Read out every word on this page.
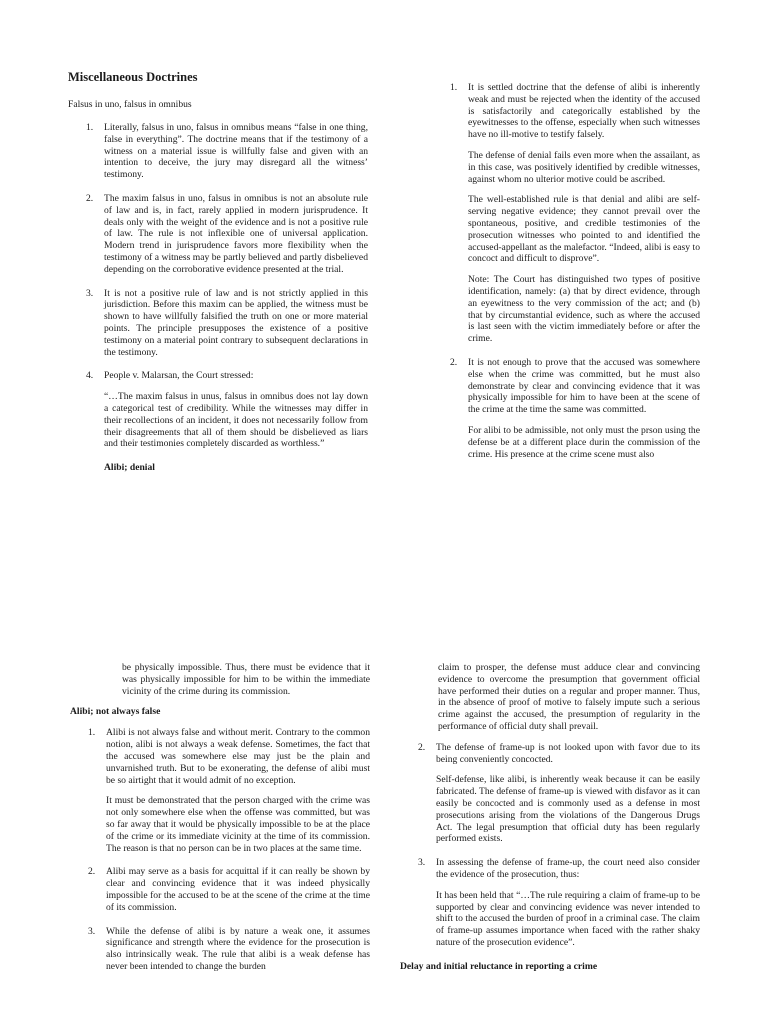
Miscellaneous Doctrines
Falsus in uno, falsus in omnibus
1. Literally, falsus in uno, falsus in omnibus means “false in one thing, false in everything”. The doctrine means that if the testimony of a witness on a material issue is willfully false and given with an intention to deceive, the jury may disregard all the witness’ testimony.

2. The maxim falsus in uno, falsus in omnibus is not an absolute rule of law and is, in fact, rarely applied in modern jurisprudence. It deals only with the weight of the evidence and is not a positive rule of law. The rule is not inflexible one of universal application. Modern trend in jurisprudence favors more flexibility when the testimony of a witness may be partly believed and partly disbelieved depending on the corroborative evidence presented at the trial.

3. It is not a positive rule of law and is not strictly applied in this jurisdiction. Before this maxim can be applied, the witness must be shown to have willfully falsified the truth on one or more material points. The principle presupposes the existence of a positive testimony on a material point contrary to subsequent declarations in the testimony.

4. People v. Malarsan, the Court stressed:

“…The maxim falsus in unus, falsus in omnibus does not lay down a categorical test of credibility. While the witnesses may differ in their recollections of an incident, it does not necessarily follow from their disagreements that all of them should be disbelieved as liars and their testimonies completely discarded as worthless.”

Alibi; denial
1. It is settled doctrine that the defense of alibi is inherently weak and must be rejected when the identity of the accused is satisfactorily and categorically established by the eyewitnesses to the offense, especially when such witnesses have no ill-motive to testify falsely.

The defense of denial fails even more when the assailant, as in this case, was positively identified by credible witnesses, against whom no ulterior motive could be ascribed.

The well-established rule is that denial and alibi are self-serving negative evidence; they cannot prevail over the spontaneous, positive, and credible testimonies of the prosecution witnesses who pointed to and identified the accused-appellant as the malefactor. “Indeed, alibi is easy to concoct and difficult to disprove”.

Note: The Court has distinguished two types of positive identification, namely: (a) that by direct evidence, through an eyewitness to the very commission of the act; and (b) that by circumstantial evidence, such as where the accused is last seen with the victim immediately before or after the crime.

2. It is not enough to prove that the accused was somewhere else when the crime was committed, but he must also demonstrate by clear and convincing evidence that it was physically impossible for him to have been at the scene of the crime at the time the same was committed.

For alibi to be admissible, not only must the prson using the defense be at a different place durin the commission of the crime. His presence at the crime scene must also

be physically impossible. Thus, there must be evidence that it was physically impossible for him to be within the immediate vicinity of the crime during its commission.

Alibi; not always false
1. Alibi is not always false and without merit. Contrary to the common notion, alibi is not always a weak defense. Sometimes, the fact that the accused was somewhere else may just be the plain and unvarnished truth. But to be exonerating, the defense of alibi must be so airtight that it would admit of no exception.

It must be demonstrated that the person charged with the crime was not only somewhere else when the offense was committed, but was so far away that it would be physically impossible to be at the place of the crime or its immediate vicinity at the time of its commission. The reason is that no person can be in two places at the same time.

2. Alibi may serve as a basis for acquittal if it can really be shown by clear and convincing evidence that it was indeed physically impossible for the accused to be at the scene of the crime at the time of its commission.

3. While the defense of alibi is by nature a weak one, it assumes significance and strength where the evidence for the prosecution is also intrinsically weak. The rule that alibi is a weak defense has never been intended to change the burden

claim to prosper, the defense must adduce clear and convincing evidence to overcome the presumption that government official have performed their duties on a regular and proper manner. Thus, in the absence of proof of motive to falsely impute such a serious crime against the accused, the presumption of regularity in the performance of official duty shall prevail.

2. The defense of frame-up is not looked upon with favor due to its being conveniently concocted.

Self-defense, like alibi, is inherently weak because it can be easily fabricated. The defense of frame-up is viewed with disfavor as it can easily be concocted and is commonly used as a defense in most prosecutions arising from the violations of the Dangerous Drugs Act. The legal presumption that official duty has been regularly performed exists.

3. In assessing the defense of frame-up, the court need also consider the evidence of the prosecution, thus:

It has been held that “…The rule requiring a claim of frame-up to be supported by clear and convincing evidence was never intended to shift to the accused the burden of proof in a criminal case. The claim of frame-up assumes importance when faced with the rather shaky nature of the prosecution evidence”.

Delay and initial reluctance in reporting a crime
